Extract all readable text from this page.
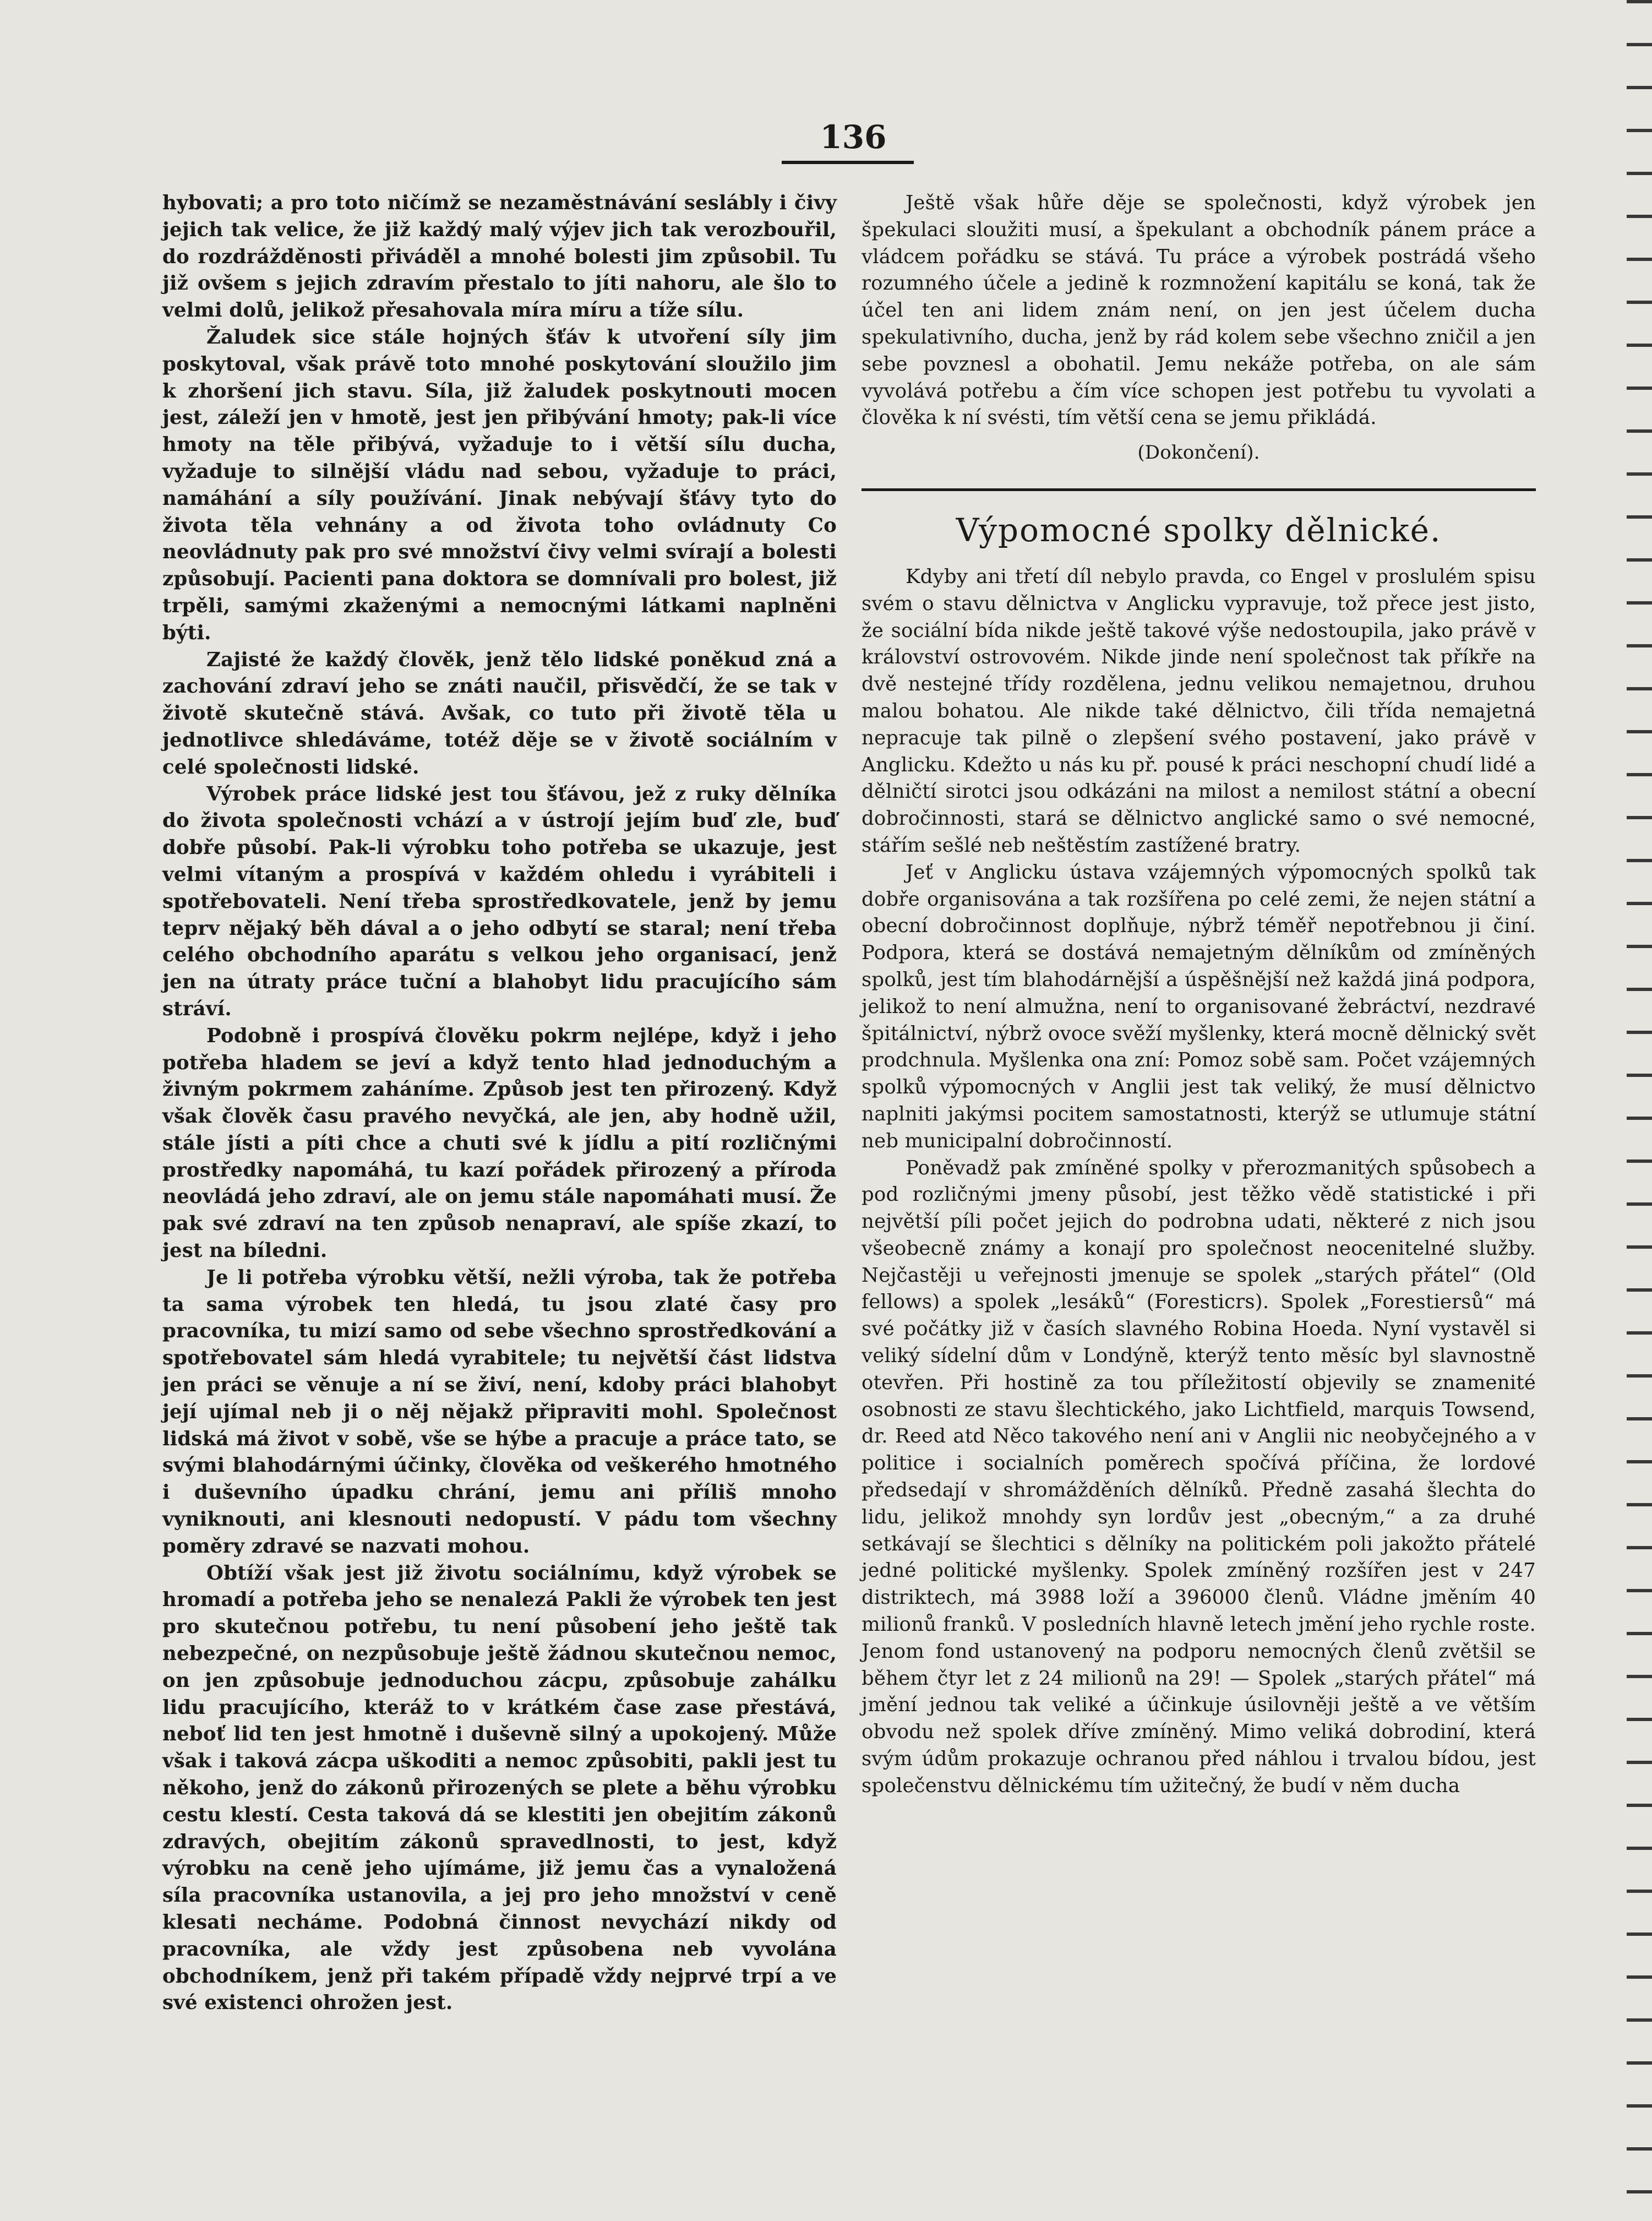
136

hybovati; a pro toto ničímž se nezaměstnávání seslábly i čivy jejich tak velice, že již každý malý výjev jich tak verozbouřil, do rozdrážděnosti přiváděl a mnohé bolesti jim způsobil. Tu již ovšem s jejich zdravím přestalo to jíti nahoru, ale šlo to velmi dolů, jelikož přesahovala míra míru a tíže sílu.

Žaludek sice stále hojných šťáv k utvoření síly jim poskytoval, však právě toto mnohé poskytování sloužilo jim k zhoršení jich stavu. Síla, již žaludek poskytnouti mocen jest, záleží jen v hmotě, jest jen přibývání hmoty; pak-li více hmoty na těle přibývá, vyžaduje to i větší sílu ducha, vyžaduje to silnější vládu nad sebou, vyžaduje to práci, namáhání a síly používání. Jinak nebývají šťávy tyto do života těla vehnány a od života toho ovládnuty Co neovládnuty pak pro své množství čivy velmi svírají a bolesti způsobují. Pacienti pana doktora se domnívali pro bolest, již trpěli, samými zkaženými a nemocnými látkami naplněni býti.

Zajisté že každý člověk, jenž tělo lidské poněkud zná a zachování zdraví jeho se znáti naučil, přisvědčí, že se tak v životě skutečně stává. Avšak, co tuto při životě těla u jednotlivce shledáváme, totéž děje se v životě sociálním v celé společnosti lidské.

Výrobek práce lidské jest tou šťávou, jež z ruky dělníka do života společnosti vchází a v ústrojí jejím buď zle, buď dobře působí. Pak-li výrobku toho potřeba se ukazuje, jest velmi vítaným a prospívá v každém ohledu i vyrábiteli i spotřebovateli. Není třeba sprostředkovatele, jenž by jemu teprv nějaký běh dával a o jeho odbytí se staral; není třeba celého obchodního aparátu s velkou jeho organisací, jenž jen na útraty práce tuční a blahobyt lidu pracujícího sám stráví.

Podobně i prospívá člověku pokrm nejlépe, když i jeho potřeba hladem se jeví a když tento hlad jednoduchým a živným pokrmem zaháníme. Způsob jest ten přirozený. Když však člověk času pravého nevyčká, ale jen, aby hodně užil, stále jísti a píti chce a chuti své k jídlu a pití rozličnými prostředky napomáhá, tu kazí pořádek přirozený a příroda neovládá jeho zdraví, ale on jemu stále napomáhati musí. Že pak své zdraví na ten způsob nenapraví, ale spíše zkazí, to jest na bíledni.

Je li potřeba výrobku větší, nežli výroba, tak že potřeba ta sama výrobek ten hledá, tu jsou zlaté časy pro pracovníka, tu mizí samo od sebe všechno sprostředkování a spotřebovatel sám hledá vyrabitele; tu největší část lidstva jen práci se věnuje a ní se živí, není, kdoby práci blahobyt její ujímal neb ji o něj nějakž připraviti mohl. Společnost lidská má život v sobě, vše se hýbe a pracuje a práce tato, se svými blahodárnými účinky, člověka od veškerého hmotného i duševního úpadku chrání, jemu ani příliš mnoho vyniknouti, ani klesnouti nedopustí. V pádu tom všechny poměry zdravé se nazvati mohou.

Obtíží však jest již životu sociálnímu, když výrobek se hromadí a potřeba jeho se nenalezá Pakli že výrobek ten jest pro skutečnou potřebu, tu není působení jeho ještě tak nebezpečné, on nezpůsobuje ještě žádnou skutečnou nemoc, on jen způsobuje jednoduchou zácpu, způsobuje zahálku lidu pracujícího, kteráž to v krátkém čase zase přestává, neboť lid ten jest hmotně i duševně silný a upokojený. Může však i taková zácpa uškoditi a nemoc způsobiti, pakli jest tu někoho, jenž do zákonů přirozených se plete a běhu výrobku cestu klestí. Cesta taková dá se klestiti jen obejitím zákonů zdravých, obejitím zákonů spravedlnosti, to jest, když výrobku na ceně jeho ujímáme, již jemu čas a vynaložená síla pracovníka ustanovila, a jej pro jeho množství v ceně klesati necháme. Podobná činnost nevychází nikdy od pracovníka, ale vždy jest způsobena neb vyvolána obchodníkem, jenž při takém případě vždy nejprvé trpí a ve své existenci ohrožen jest.

Ještě však hůře děje se společnosti, když výrobek jen špekulaci sloužiti musí, a špekulant a obchodník pánem práce a vládcem pořádku se stává. Tu práce a výrobek postrádá všeho rozumného účele a jedině k rozmnožení kapitálu se koná, tak že účel ten ani lidem znám není, on jen jest účelem ducha spekulativního, ducha, jenž by rád kolem sebe všechno zničil a jen sebe povznesl a obohatil. Jemu nekáže potřeba, on ale sám vyvolává potřebu a čím více schopen jest potřebu tu vyvolati a člověka k ní svésti, tím větší cena se jemu přikládá.

(Dokončení).
Výpomocné spolky dělnické.

Kdyby ani třetí díl nebylo pravda, co Engel v proslulém spisu svém o stavu dělnictva v Anglicku vypravuje, tož přece jest jisto, že sociální bída nikde ještě takové výše nedostoupila, jako právě v království ostrovovém. Nikde jinde není společnost tak příkře na dvě nestejné třídy rozdělena, jednu velikou nemajetnou, druhou malou bohatou. Ale nikde také dělnictvo, čili třída nemajetná nepracuje tak pilně o zlepšení svého postavení, jako právě v Anglicku. Kdežto u nás ku př. pousé k práci neschopní chudí lidé a dělničtí sirotci jsou odkázáni na milost a nemilost státní a obecní dobročinnosti, stará se dělnictvo anglické samo o své nemocné, stářím sešlé neb neštěstím zastížené bratry.

Jeť v Anglicku ústava vzájemných výpomocných spolků tak dobře organisována a tak rozšířena po celé zemi, že nejen státní a obecní dobročinnost doplňuje, nýbrž téměř nepotřebnou ji činí. Podpora, která se dostává nemajetným dělníkům od zmíněných spolků, jest tím blahodárnější a úspěšnější než každá jiná podpora, jelikož to není almužna, není to organisované žebráctví, nezdravé špitálnictví, nýbrž ovoce svěží myšlenky, která mocně dělnický svět prodchnula. Myšlenka ona zní: Pomoz sobě sam. Počet vzájemných spolků výpomocných v Anglii jest tak veliký, že musí dělnictvo naplniti jakýmsi pocitem samostatnosti, kterýž se utlumuje státní neb municipalní dobročinností.

Poněvadž pak zmíněné spolky v přerozmanitých spůsobech a pod rozličnými jmeny působí, jest těžko vědě statistické i při největší píli počet jejich do podrobna udati, některé z nich jsou všeobecně známy a konají pro společnost neocenitelné služby. Nejčastěji u veřejnosti jmenuje se spolek „starých přátel“ (Old fellows) a spolek „lesáků“ (Foresticrs). Spolek „Forestiersů“ má své počátky již v časích slavného Robina Hoeda. Nyní vystavěl si veliký sídelní dům v Londýně, kterýž tento měsíc byl slavnostně otevřen. Při hostině za tou příležitostí objevily se znamenité osobnosti ze stavu šlechtického, jako Lichtfield, marquis Towsend, dr. Reed atd Něco takového není ani v Anglii nic neobyčejného a v politice i socialních poměrech spočívá příčina, že lordové předsedají v shromážděních dělníků. Předně zasahá šlechta do lidu, jelikož mnohdy syn lordův jest „obecným,“ a za druhé setkávají se šlechtici s dělníky na politickém poli jakožto přátelé jedné politické myšlenky. Spolek zmíněný rozšířen jest v 247 distriktech, má 3988 loží a 396000 členů. Vládne jměním 40 milionů franků. V posledních hlavně letech jmění jeho rychle roste. Jenom fond ustanovený na podporu nemocných členů zvětšil se během čtyr let z 24 milionů na 29! — Spolek „starých přátel“ má jmění jednou tak veliké a účinkuje úsilovněji ještě a ve větším obvodu než spolek dříve zmíněný. Mimo veliká dobrodiní, která svým údům prokazuje ochranou před náhlou i trvalou bídou, jest společenstvu dělnickému tím užitečný, že budí v něm ducha
